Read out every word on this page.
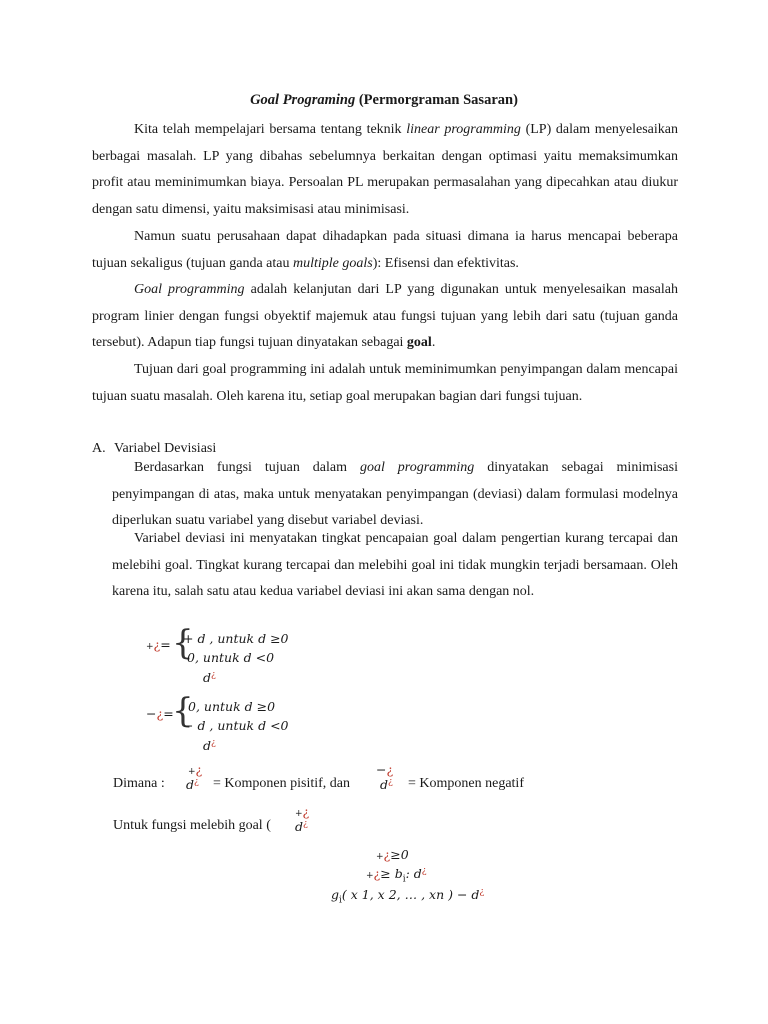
Goal Programing (Permorgraman Sasaran)

Kita telah mempelajari bersama tentang teknik linear programming (LP) dalam menyelesaikan berbagai masalah. LP yang dibahas sebelumnya berkaitan dengan optimasi yaitu memaksimumkan profit atau meminimumkan biaya. Persoalan PL merupakan permasalahan yang dipecahkan atau diukur dengan satu dimensi, yaitu maksimisasi atau minimisasi.

Namun suatu perusahaan dapat dihadapkan pada situasi dimana ia harus mencapai beberapa tujuan sekaligus (tujuan ganda atau multiple goals): Efisensi dan efektivitas.

Goal programming adalah kelanjutan dari LP yang digunakan untuk menyelesaikan masalah program linier dengan fungsi obyektif majemuk atau fungsi tujuan yang lebih dari satu (tujuan ganda tersebut). Adapun tiap fungsi tujuan dinyatakan sebagai goal.

Tujuan dari goal programming ini adalah untuk meminimumkan penyimpangan dalam mencapai tujuan suatu masalah. Oleh karena itu, setiap goal merupakan bagian dari fungsi tujuan.

A. Variabel Devisiasi

Berdasarkan fungsi tujuan dalam goal programming dinyatakan sebagai minimisasi penyimpangan di atas, maka untuk menyatakan penyimpangan (deviasi) dalam formulasi modelnya diperlukan suatu variabel yang disebut variabel deviasi.

Variabel deviasi ini menyatakan tingkat pencapaian goal dalam pengertian kurang tercapai dan melebihi goal. Tingkat kurang tercapai dan melebihi goal ini tidak mungkin terjadi bersamaan. Oleh karena itu, salah satu atau kedua variabel deviasi ini akan sama dengan nol.

+¿= {
+ d , untuk d ≥0
0, untuk d <0
d¿
−¿=
{
0, untuk d ≥0
− d , untuk d <0
d¿
Dimana :
+¿
d¿ = Komponen pisitif, dan
−¿
d¿ = Komponen negatif
Untuk fungsi melebih goal (
+¿
d¿
+¿≥0
+¿≥ $b_i$: d¿
$g_i$( x 1, x 2, … , xn ) − d¿
